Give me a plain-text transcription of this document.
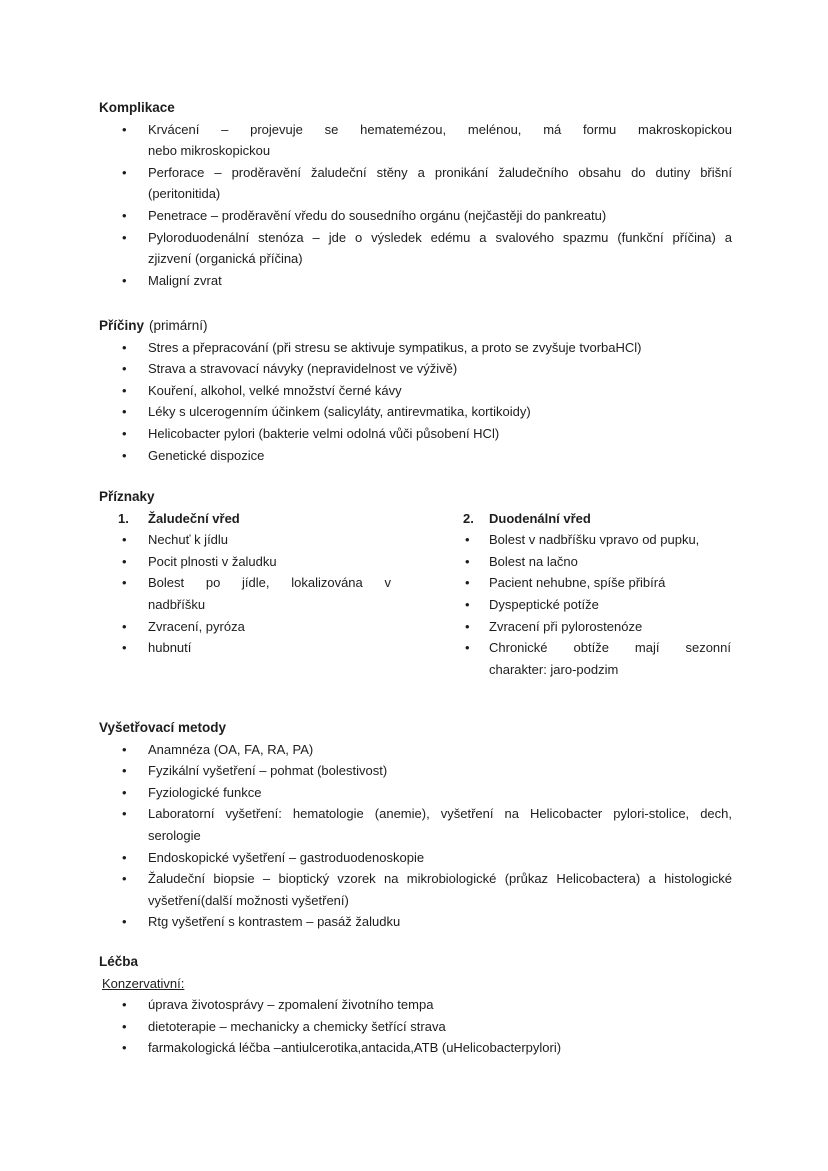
Komplikace
•	Krvácení – projevuje se hematemézou, melénou, má formu makroskopickou
nebo mikroskopickou
•	Perforace – proděravění žaludeční stěny a pronikání žaludečního obsahu do dutiny břišní
(peritonitida)
•	Penetrace – proděravění vředu do sousedního orgánu (nejčastěji do pankreatu)
•	Pyloroduodenální stenóza – jde o výsledek edému a svalového spazmu (funkční příčina) a
zjizvení (organická příčina)
•	Maligní zvrat
Příčiny (primární)
•	Stres a přepracování (při stresu se aktivuje sympatikus, a proto se zvyšuje tvorbaHCl)
•	Strava a stravovací návyky (nepravidelnost ve výživě)
•	Kouření, alkohol, velké množství černé kávy
•	Léky s ulcerogenním účinkem (salicyláty, antirevmatika, kortikoidy)
•	Helicobacter pylori (bakterie velmi odolná vůči působení HCl)
•	Genetické dispozice
Příznaky
1.	Žaludeční vřed
•	Nechuť k jídlu
•	Pocit plnosti v žaludku
•	Bolest po jídle, lokalizována v
nadbříšku
•	Zvracení, pyróza
•	hubnutí
2.	Duodenální vřed
•	Bolest v nadbříšku vpravo od pupku,
•	Bolest na lačno
•	Pacient nehubne, spíše přibírá
•	Dyspeptické potíže
•	Zvracení při pylorostenóze
•	Chronické obtíže mají sezonní
charakter: jaro-podzim
Vyšetřovací metody
•	Anamnéza (OA, FA, RA, PA)
•	Fyzikální vyšetření – pohmat (bolestivost)
•	Fyziologické funkce
•	Laboratorní vyšetření: hematologie (anemie), vyšetření na Helicobacter pylori-stolice, dech,
serologie
•	Endoskopické vyšetření – gastroduodenoskopie
•	Žaludeční biopsie – bioptický vzorek na mikrobiologické (průkaz Helicobactera) a histologické
vyšetření(další možnosti vyšetření)
•	Rtg vyšetření s kontrastem – pasáž žaludku
Léčba
Konzervativní:
•	úprava životosprávy – zpomalení životního tempa
•	dietoterapie – mechanicky a chemicky šetřící strava
•	farmakologická léčba –antiulcerotika,antacida,ATB (uHelicobacterpylori)
